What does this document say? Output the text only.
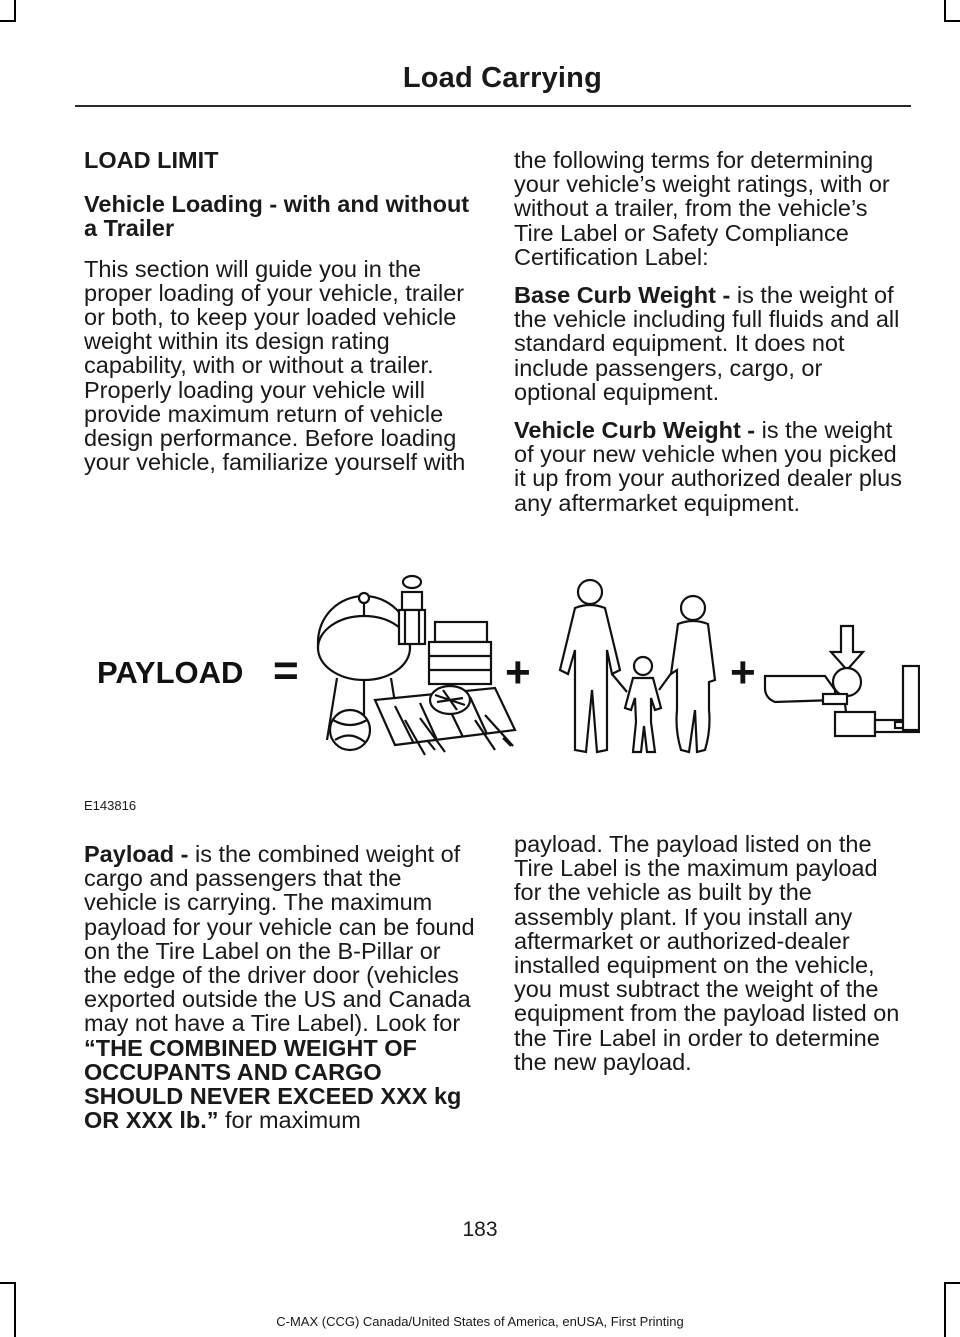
Load Carrying
LOAD LIMIT
Vehicle Loading - with and without a Trailer

This section will guide you in the proper loading of your vehicle, trailer or both, to keep your loaded vehicle weight within its design rating capability, with or without a trailer. Properly loading your vehicle will provide maximum return of vehicle design performance. Before loading your vehicle, familiarize yourself with

the following terms for determining your vehicle’s weight ratings, with or without a trailer, from the vehicle’s Tire Label or Safety Compliance Certification Label:

Base Curb Weight - is the weight of the vehicle including full fluids and all standard equipment. It does not include passengers, cargo, or optional equipment.

Vehicle Curb Weight - is the weight of your new vehicle when you picked it up from your authorized dealer plus any aftermarket equipment.

PAYLOAD =	+	+
E143816

Payload - is the combined weight of cargo and passengers that the vehicle is carrying. The maximum payload for your vehicle can be found on the Tire Label on the B-Pillar or the edge of the driver door (vehicles exported outside the US and Canada may not have a Tire Label). Look for “THE COMBINED WEIGHT OF OCCUPANTS AND CARGO SHOULD NEVER EXCEED XXX kg OR XXX lb.” for maximum

payload. The payload listed on the Tire Label is the maximum payload for the vehicle as built by the assembly plant. If you install any aftermarket or authorized-dealer installed equipment on the vehicle, you must subtract the weight of the equipment from the payload listed on the Tire Label in order to determine the new payload.

183
C-MAX (CCG) Canada/United States of America, enUSA, First Printing
